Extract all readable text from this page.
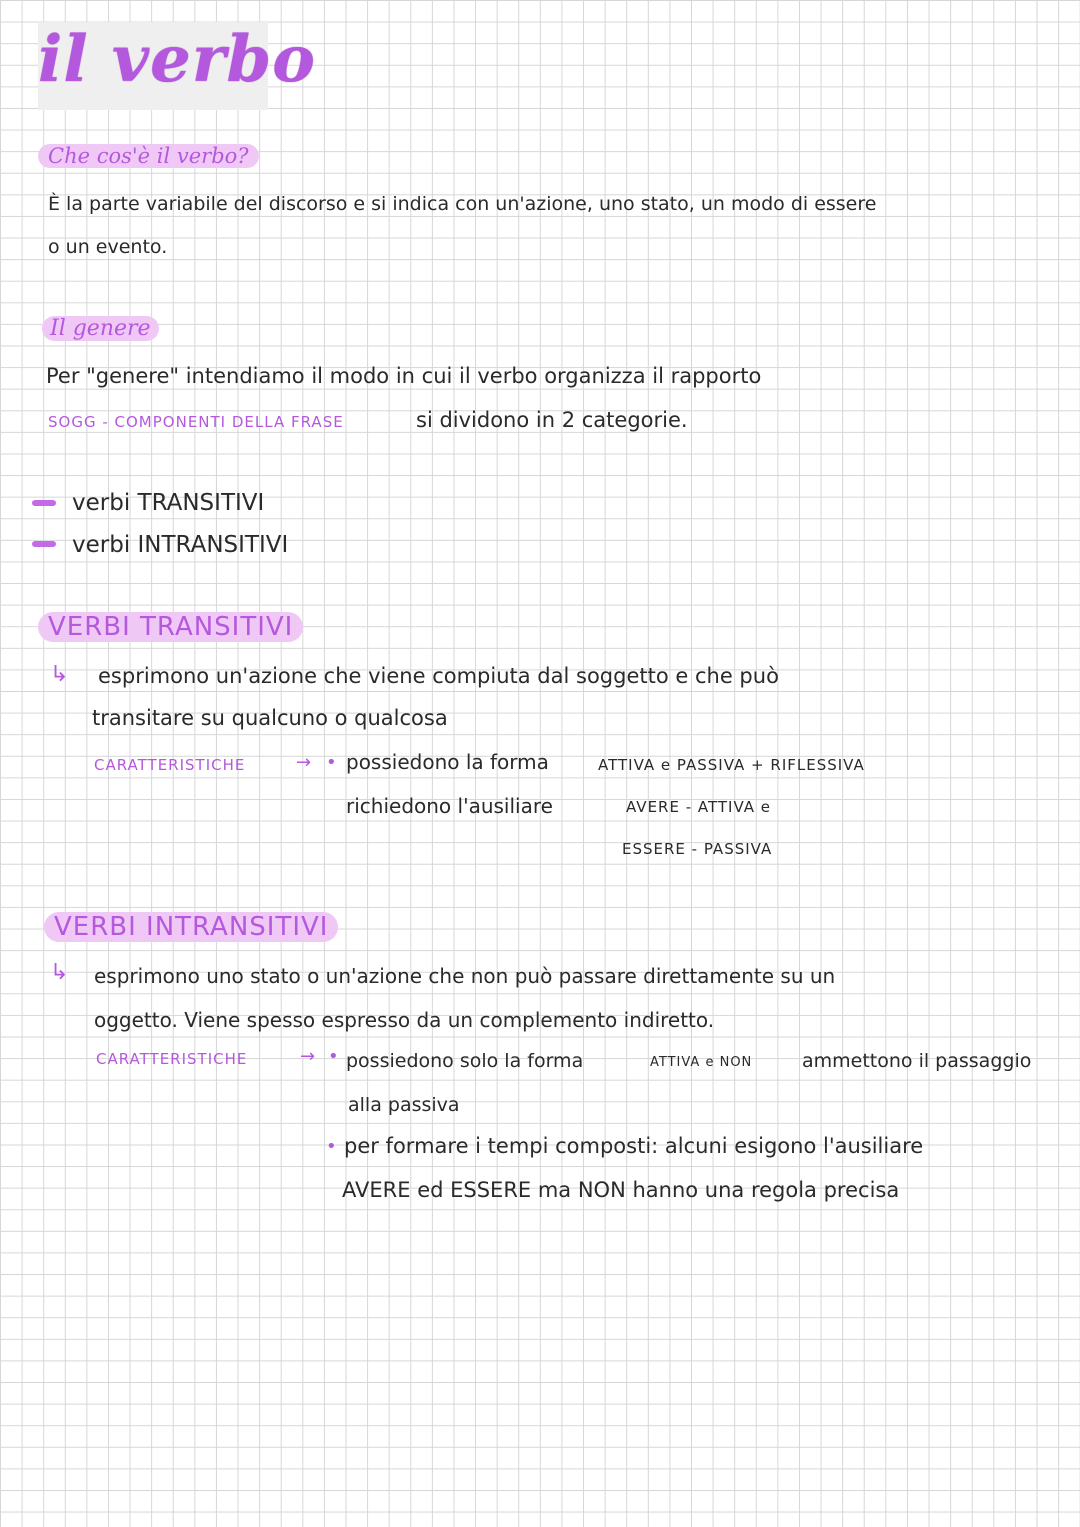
il verbo
Che cos'è il verbo?
È la parte variabile del discorso e si indica con un'azione, uno stato, un modo di essere
o un evento.
Il genere
Per "genere" intendiamo il modo in cui il verbo organizza il rapporto
SOGG - COMPONENTI DELLA FRASE	si dividono in 2 categorie.
verbi TRANSITIVI
verbi INTRANSITIVI
VERBI TRANSITIVI
↳ esprimono un'azione che viene compiuta dal soggetto e che può
transitare su qualcuno o qualcosa
CARATTERISTICHE	→ • possiedono la forma	ATTIVA e PASSIVA + RIFLESSIVA
richiedono l'ausiliare	AVERE - ATTIVA e
ESSERE - PASSIVA
VERBI INTRANSITIVI
↳ esprimono uno stato o un'azione che non può passare direttamente su un
oggetto. Viene spesso espresso da un complemento indiretto.
CARATTERISTICHE	→ • possiedono solo la forma	ATTIVA e NON	ammettono il passaggio
alla passiva
• per formare i tempi composti: alcuni esigono l'ausiliare
AVERE ed ESSERE ma NON hanno una regola precisa
